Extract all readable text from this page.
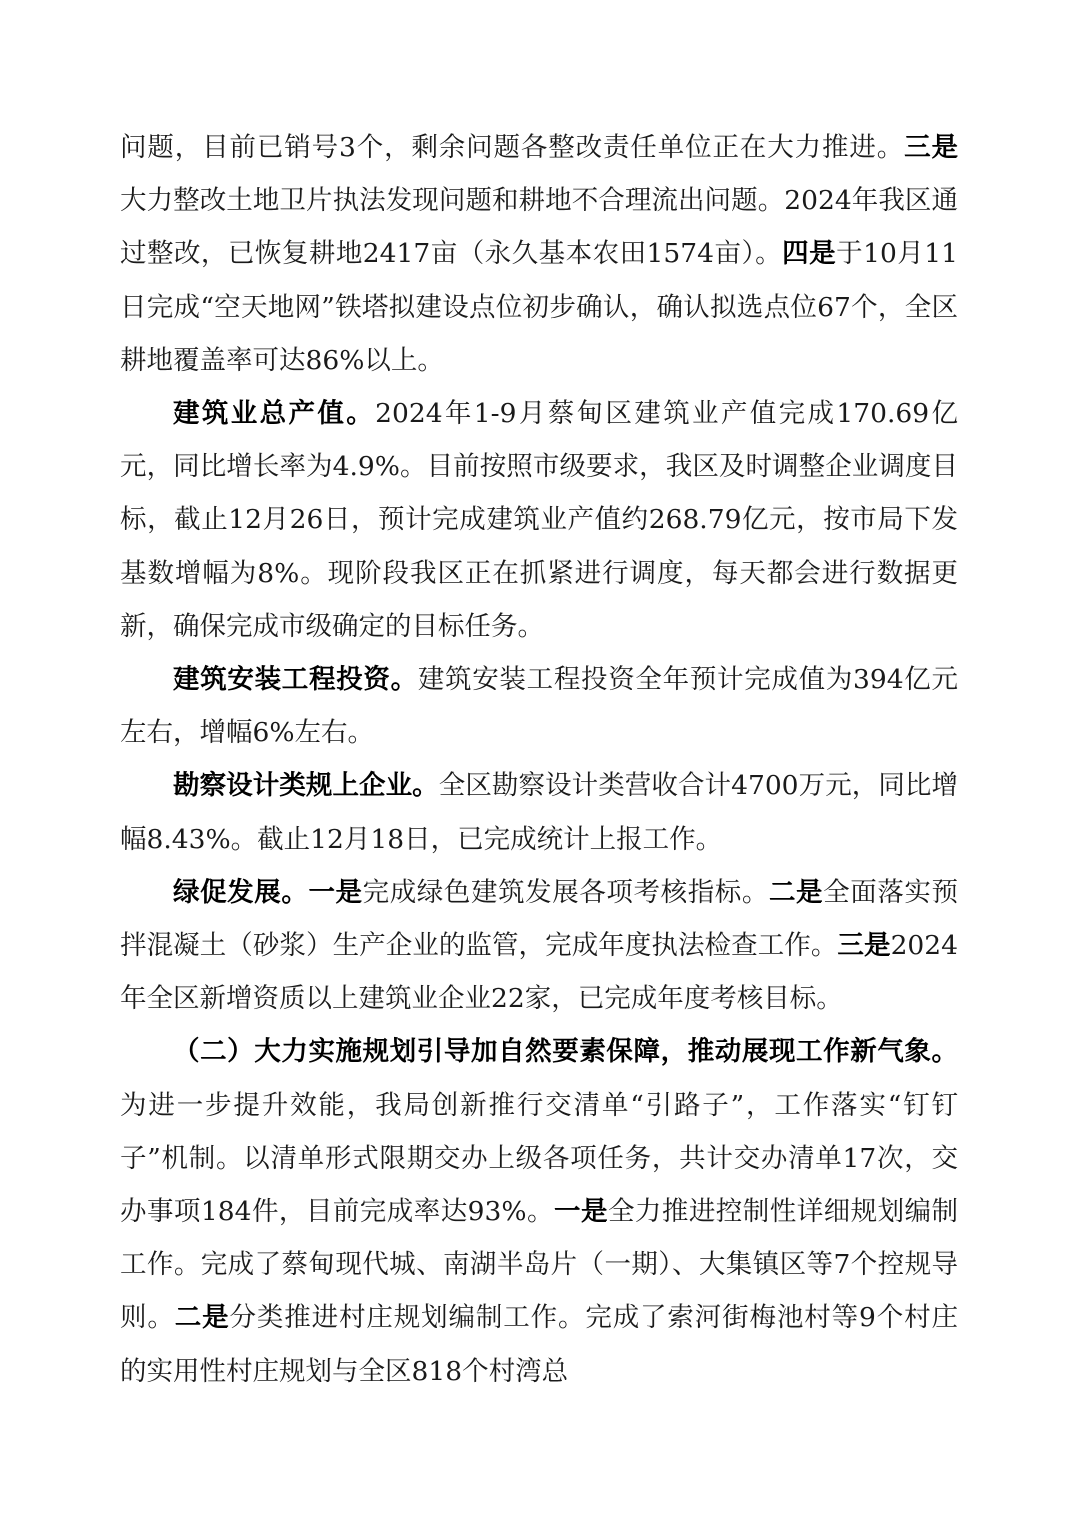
问题，目前已销号3个，剩余问题各整改责任单位正在大力推进。三是大力整改土地卫片执法发现问题和耕地不合理流出问题。2024年我区通过整改，已恢复耕地2417亩（永久基本农田1574亩）。四是于10月11日完成“空天地网”铁塔拟建设点位初步确认，确认拟选点位67个，全区耕地覆盖率可达86%以上。

建筑业总产值。2024年1-9月蔡甸区建筑业产值完成170.69亿元，同比增长率为4.9%。目前按照市级要求，我区及时调整企业调度目标，截止12月26日，预计完成建筑业产值约268.79亿元，按市局下发基数增幅为8%。现阶段我区正在抓紧进行调度，每天都会进行数据更新，确保完成市级确定的目标任务。

建筑安装工程投资。建筑安装工程投资全年预计完成值为394亿元左右，增幅6%左右。

勘察设计类规上企业。全区勘察设计类营收合计4700万元，同比增幅8.43%。截止12月18日，已完成统计上报工作。

绿促发展。一是完成绿色建筑发展各项考核指标。二是全面落实预拌混凝土（砂浆）生产企业的监管，完成年度执法检查工作。三是2024年全区新增资质以上建筑业企业22家，已完成年度考核目标。

（二）大力实施规划引导加自然要素保障，推动展现工作新气象。为进一步提升效能，我局创新推行交清单“引路子”，工作落实“钉钉子”机制。以清单形式限期交办上级各项任务，共计交办清单17次，交办事项184件，目前完成率达93%。一是全力推进控制性详细规划编制工作。完成了蔡甸现代城、南湖半岛片（一期）、大集镇区等7个控规导则。二是分类推进村庄规划编制工作。完成了索河街梅池村等9个村庄的实用性村庄规划与全区818个村湾总
